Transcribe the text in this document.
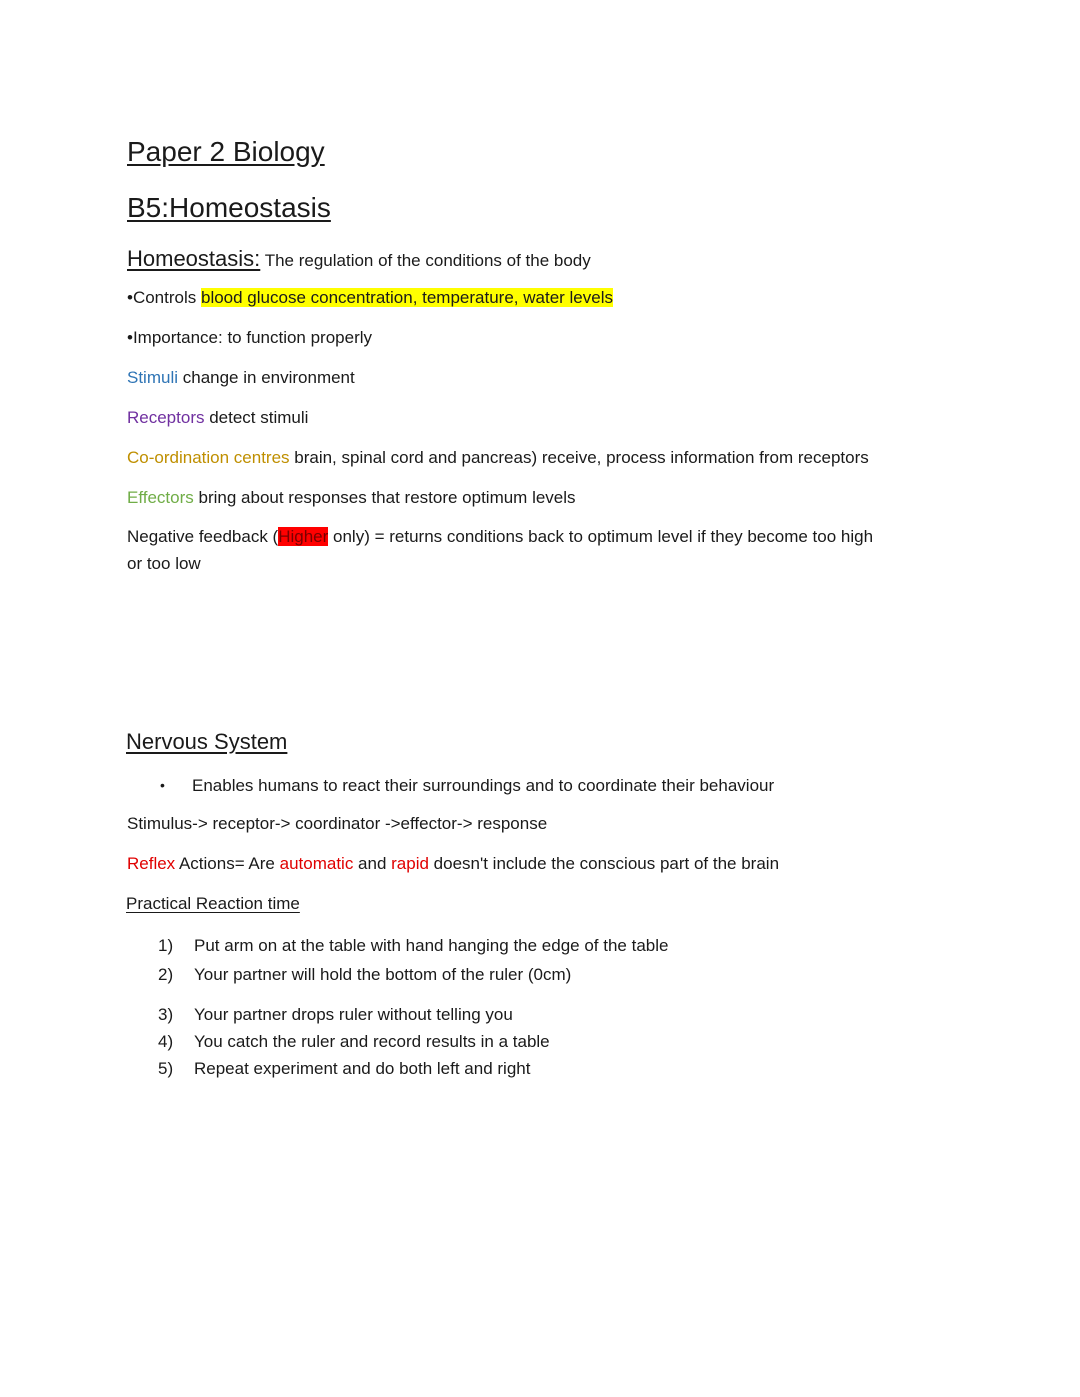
Paper 2 Biology
B5:Homeostasis
Homeostasis: The regulation of the conditions of the body
•Controls blood glucose concentration, temperature, water levels
•Importance: to function properly
Stimuli change in environment
Receptors detect stimuli
Co-ordination centres brain, spinal cord and pancreas) receive, process information from receptors
Effectors bring about responses that restore optimum levels
Negative feedback (Higher only) = returns conditions back to optimum level if they become too high
or too low
Nervous System
• Enables humans to react their surroundings and to coordinate their behaviour
Stimulus-> receptor-> coordinator ->effector-> response
Reflex Actions= Are automatic and rapid doesn't include the conscious part of the brain
Practical Reaction time
1) Put arm on at the table with hand hanging the edge of the table
2) Your partner will hold the bottom of the ruler (0cm)
3) Your partner drops ruler without telling you
4) You catch the ruler and record results in a table
5) Repeat experiment and do both left and right
